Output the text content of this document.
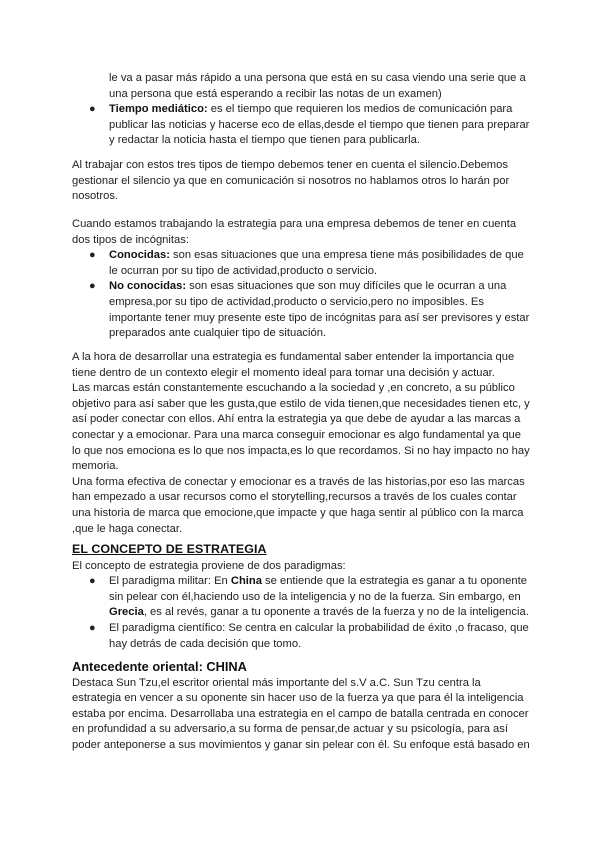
le va a pasar más rápido a una persona que está en su casa viendo una serie que a
una persona que está esperando a recibir las notas de un examen)
● Tiempo mediático: es el tiempo que requieren los medios de comunicación para
publicar las noticias y hacerse eco de ellas,desde el tiempo que tienen para preparar
y redactar la noticia hasta el tiempo que tienen para publicarla.
Al trabajar con estos tres tipos de tiempo debemos tener en cuenta el silencio.Debemos
gestionar el silencio ya que en comunicación si nosotros no hablamos otros lo harán por
nosotros.
Cuando estamos trabajando la estrategia para una empresa debemos de tener en cuenta
dos tipos de incógnitas:
● Conocidas: son esas situaciones que una empresa tiene más posibilidades de que
le ocurran por su tipo de actividad,producto o servicio.
● No conocidas: son esas situaciones que son muy difíciles que le ocurran a una
empresa,por su tipo de actividad,producto o servicio,pero no imposibles. Es
importante tener muy presente este tipo de incógnitas para así ser previsores y estar
preparados ante cualquier tipo de situación.
A la hora de desarrollar una estrategia es fundamental saber entender la importancia que
tiene dentro de un contexto elegir el momento ideal para tomar una decisión y actuar.
Las marcas están constantemente escuchando a la sociedad y ,en concreto, a su público
objetivo para así saber que les gusta,que estilo de vida tienen,que necesidades tienen etc, y
así poder conectar con ellos. Ahí entra la estrategia ya que debe de ayudar a las marcas a
conectar y a emocionar. Para una marca conseguir emocionar es algo fundamental ya que
lo que nos emociona es lo que nos impacta,es lo que recordamos. Si no hay impacto no hay
memoria.
Una forma efectiva de conectar y emocionar es a través de las historias,por eso las marcas
han empezado a usar recursos como el storytelling,recursos a través de los cuales contar
una historia de marca que emocione,que impacte y que haga sentir al público con la marca
,que le haga conectar.
EL CONCEPTO DE ESTRATEGIA
El concepto de estrategia proviene de dos paradigmas:
● El paradigma militar: En China se entiende que la estrategia es ganar a tu oponente
sin pelear con él,haciendo uso de la inteligencia y no de la fuerza. Sin embargo, en
Grecia, es al revés, ganar a tu oponente a través de la fuerza y no de la inteligencia.
● El paradigma científico: Se centra en calcular la probabilidad de éxito ,o fracaso, que
hay detrás de cada decisión que tomo.
Antecedente oriental: CHINA
Destaca Sun Tzu,el escritor oriental más importante del s.V a.C. Sun Tzu centra la
estrategia en vencer a su oponente sin hacer uso de la fuerza ya que para él la inteligencia
estaba por encima. Desarrollaba una estrategia en el campo de batalla centrada en conocer
en profundidad a su adversario,a su forma de pensar,de actuar y su psicología, para así
poder anteponerse a sus movimientos y ganar sin pelear con él. Su enfoque está basado en
